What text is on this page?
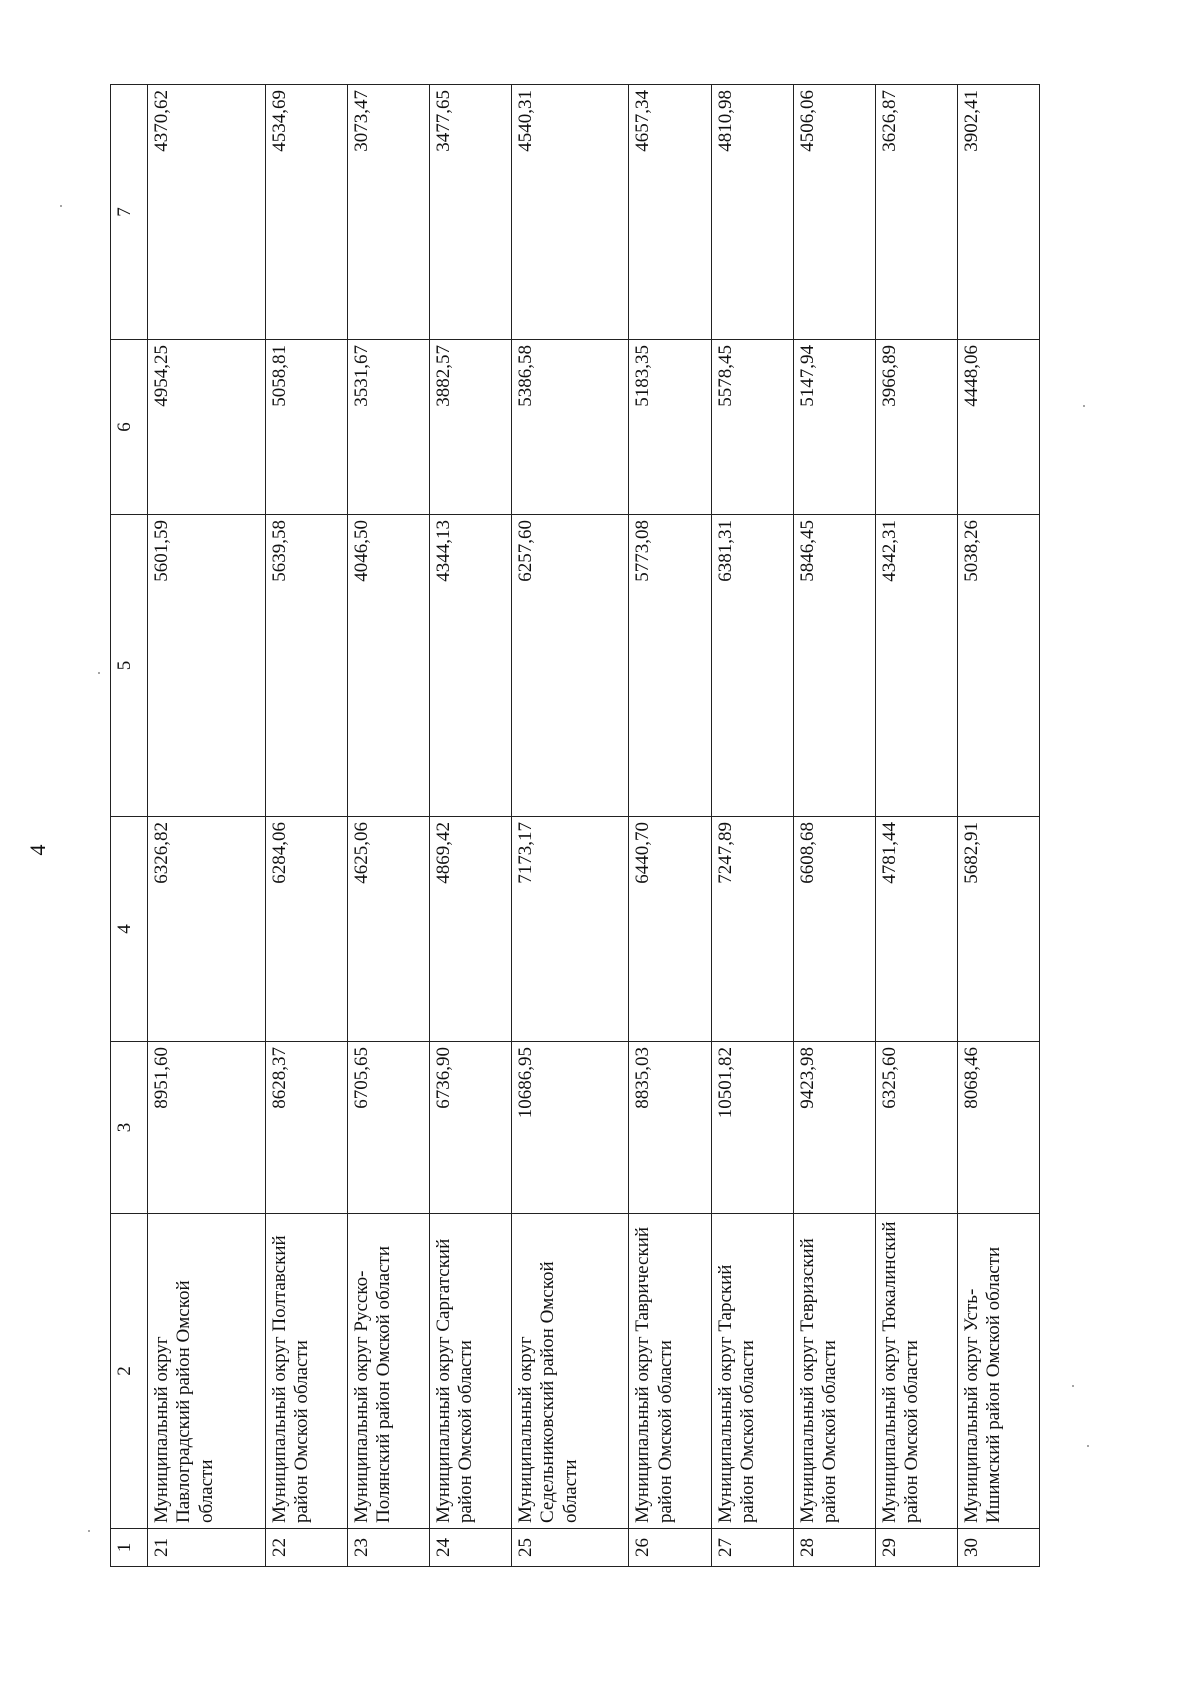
4
1	2	3	4	5	6	7
21	Муниципальный округ Павлоградский район Омской области	8951,60	6326,82	5601,59	4954,25	4370,62
22	Муниципальный округ Полтавский район Омской области	8628,37	6284,06	5639,58	5058,81	4534,69
23	Муниципальный округ Русско-Полянский район Омской области	6705,65	4625,06	4046,50	3531,67	3073,47
24	Муниципальный округ Саргатский район Омской области	6736,90	4869,42	4344,13	3882,57	3477,65
25	Муниципальный округ Седельниковский район Омской области	10686,95	7173,17	6257,60	5386,58	4540,31
26	Муниципальный округ Таврический район Омской области	8835,03	6440,70	5773,08	5183,35	4657,34
27	Муниципальный округ Тарский район Омской области	10501,82	7247,89	6381,31	5578,45	4810,98
28	Муниципальный округ Тевризский район Омской области	9423,98	6608,68	5846,45	5147,94	4506,06
29	Муниципальный округ Тюкалинский район Омской области	6325,60	4781,44	4342,31	3966,89	3626,87
30	Муниципальный округ Усть-Ишимский район Омской области	8068,46	5682,91	5038,26	4448,06	3902,41
